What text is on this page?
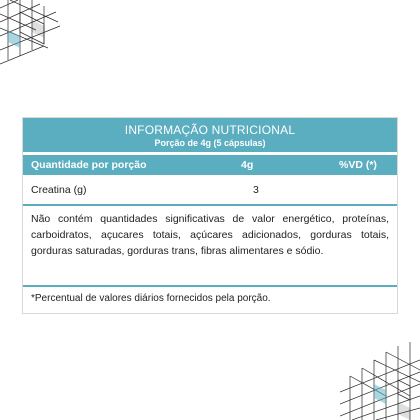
INFORMAÇÃO NUTRICIONAL
Porção de 4g (5 cápsulas)
Quantidade por porção	4g	%VD (*)
Creatina (g)	3
Não contém quantidades significativas de valor energético, proteínas, carboidratos, açucares totais, açúcares adicionados, gorduras totais, gorduras saturadas, gorduras trans, fibras alimentares e sódio.
*Percentual de valores diários fornecidos pela porção.
